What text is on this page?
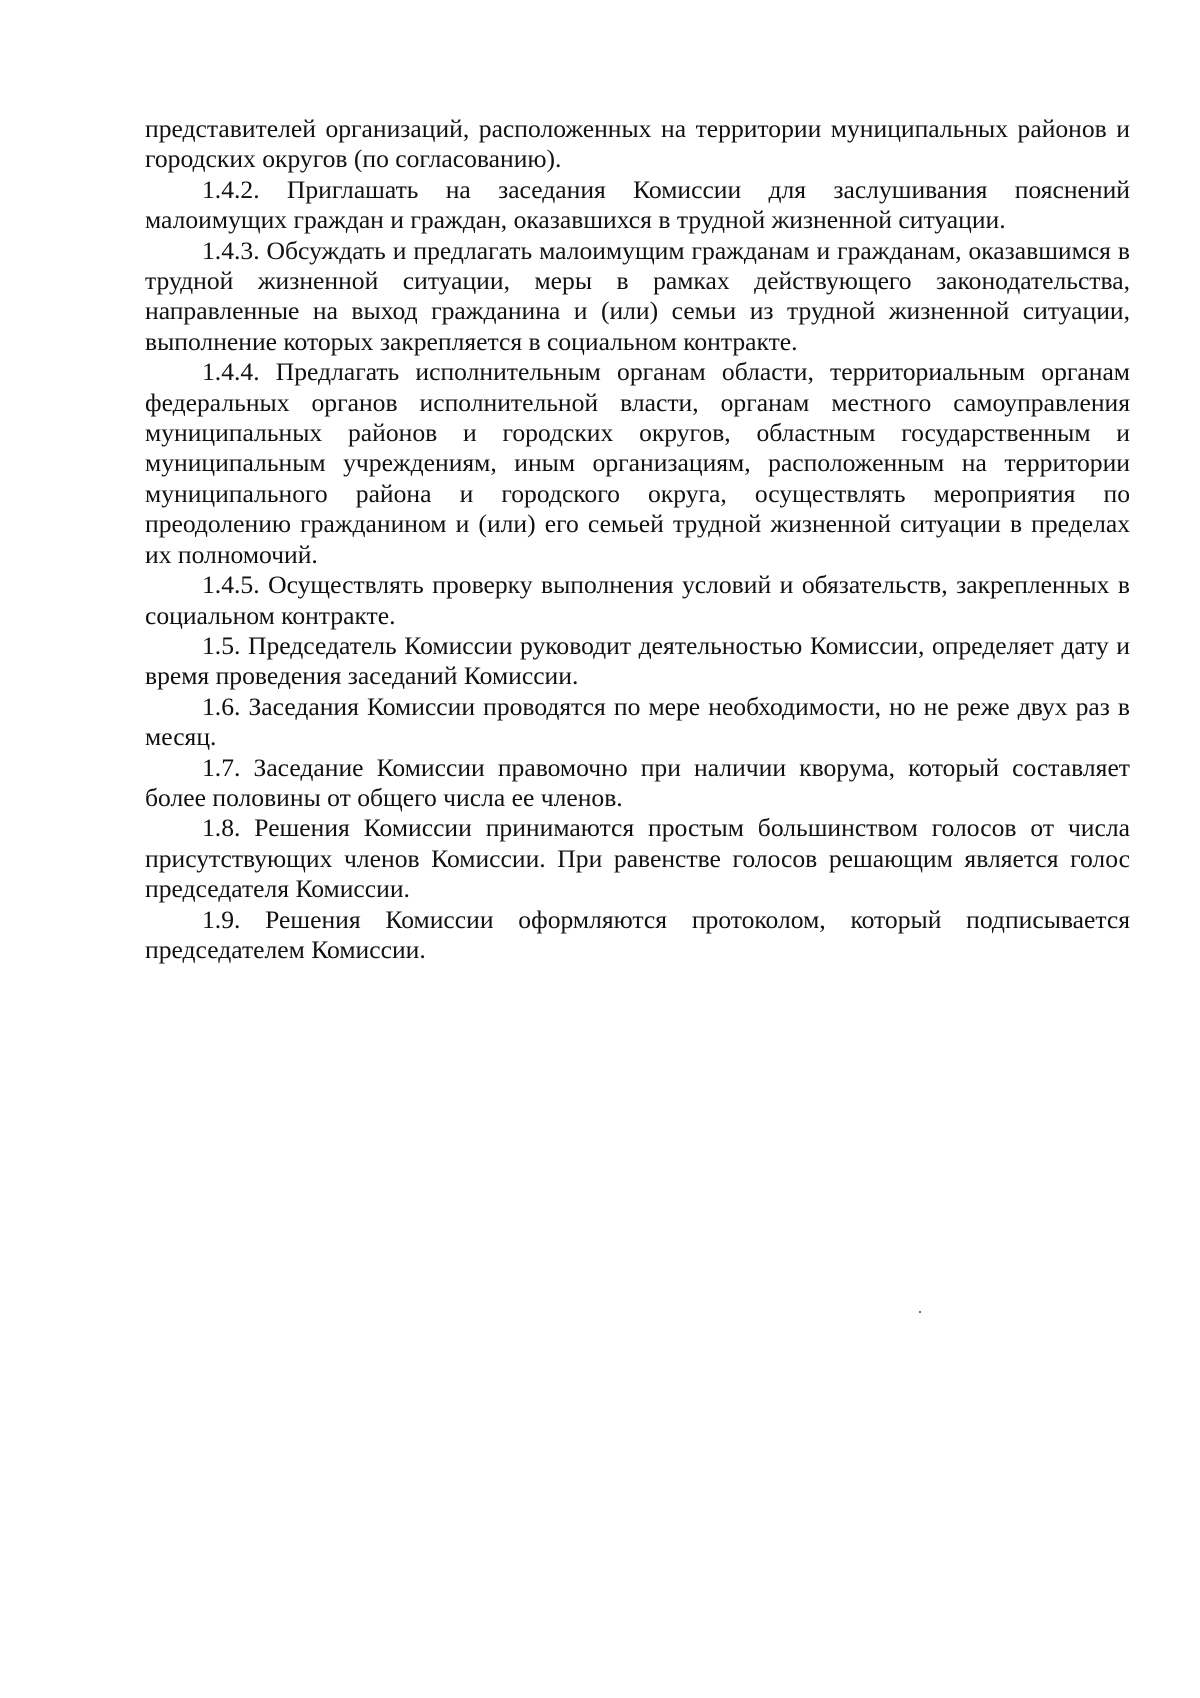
представителей организаций, расположенных на территории муниципальных районов и городских округов (по согласованию).

1.4.2. Приглашать на заседания Комиссии для заслушивания пояснений малоимущих граждан и граждан, оказавшихся в трудной жизненной ситуации.

1.4.3. Обсуждать и предлагать малоимущим гражданам и гражданам, оказавшимся в трудной жизненной ситуации, меры в рамках действующего законодательства, направленные на выход гражданина и (или) семьи из трудной жизненной ситуации, выполнение которых закрепляется в социальном контракте.

1.4.4. Предлагать исполнительным органам области, территориальным органам федеральных органов исполнительной власти, органам местного самоуправления муниципальных районов и городских округов, областным государственным и муниципальным учреждениям, иным организациям, расположенным на территории муниципального района и городского округа, осуществлять мероприятия по преодолению гражданином и (или) его семьей трудной жизненной ситуации в пределах их полномочий.

1.4.5. Осуществлять проверку выполнения условий и обязательств, закрепленных в социальном контракте.

1.5. Председатель Комиссии руководит деятельностью Комиссии, определяет дату и время проведения заседаний Комиссии.

1.6. Заседания Комиссии проводятся по мере необходимости, но не реже двух раз в месяц.

1.7. Заседание Комиссии правомочно при наличии кворума, который составляет более половины от общего числа ее членов.

1.8. Решения Комиссии принимаются простым большинством голосов от числа присутствующих членов Комиссии. При равенстве голосов решающим является голос председателя Комиссии.

1.9. Решения Комиссии оформляются протоколом, который подписывается председателем Комиссии.
